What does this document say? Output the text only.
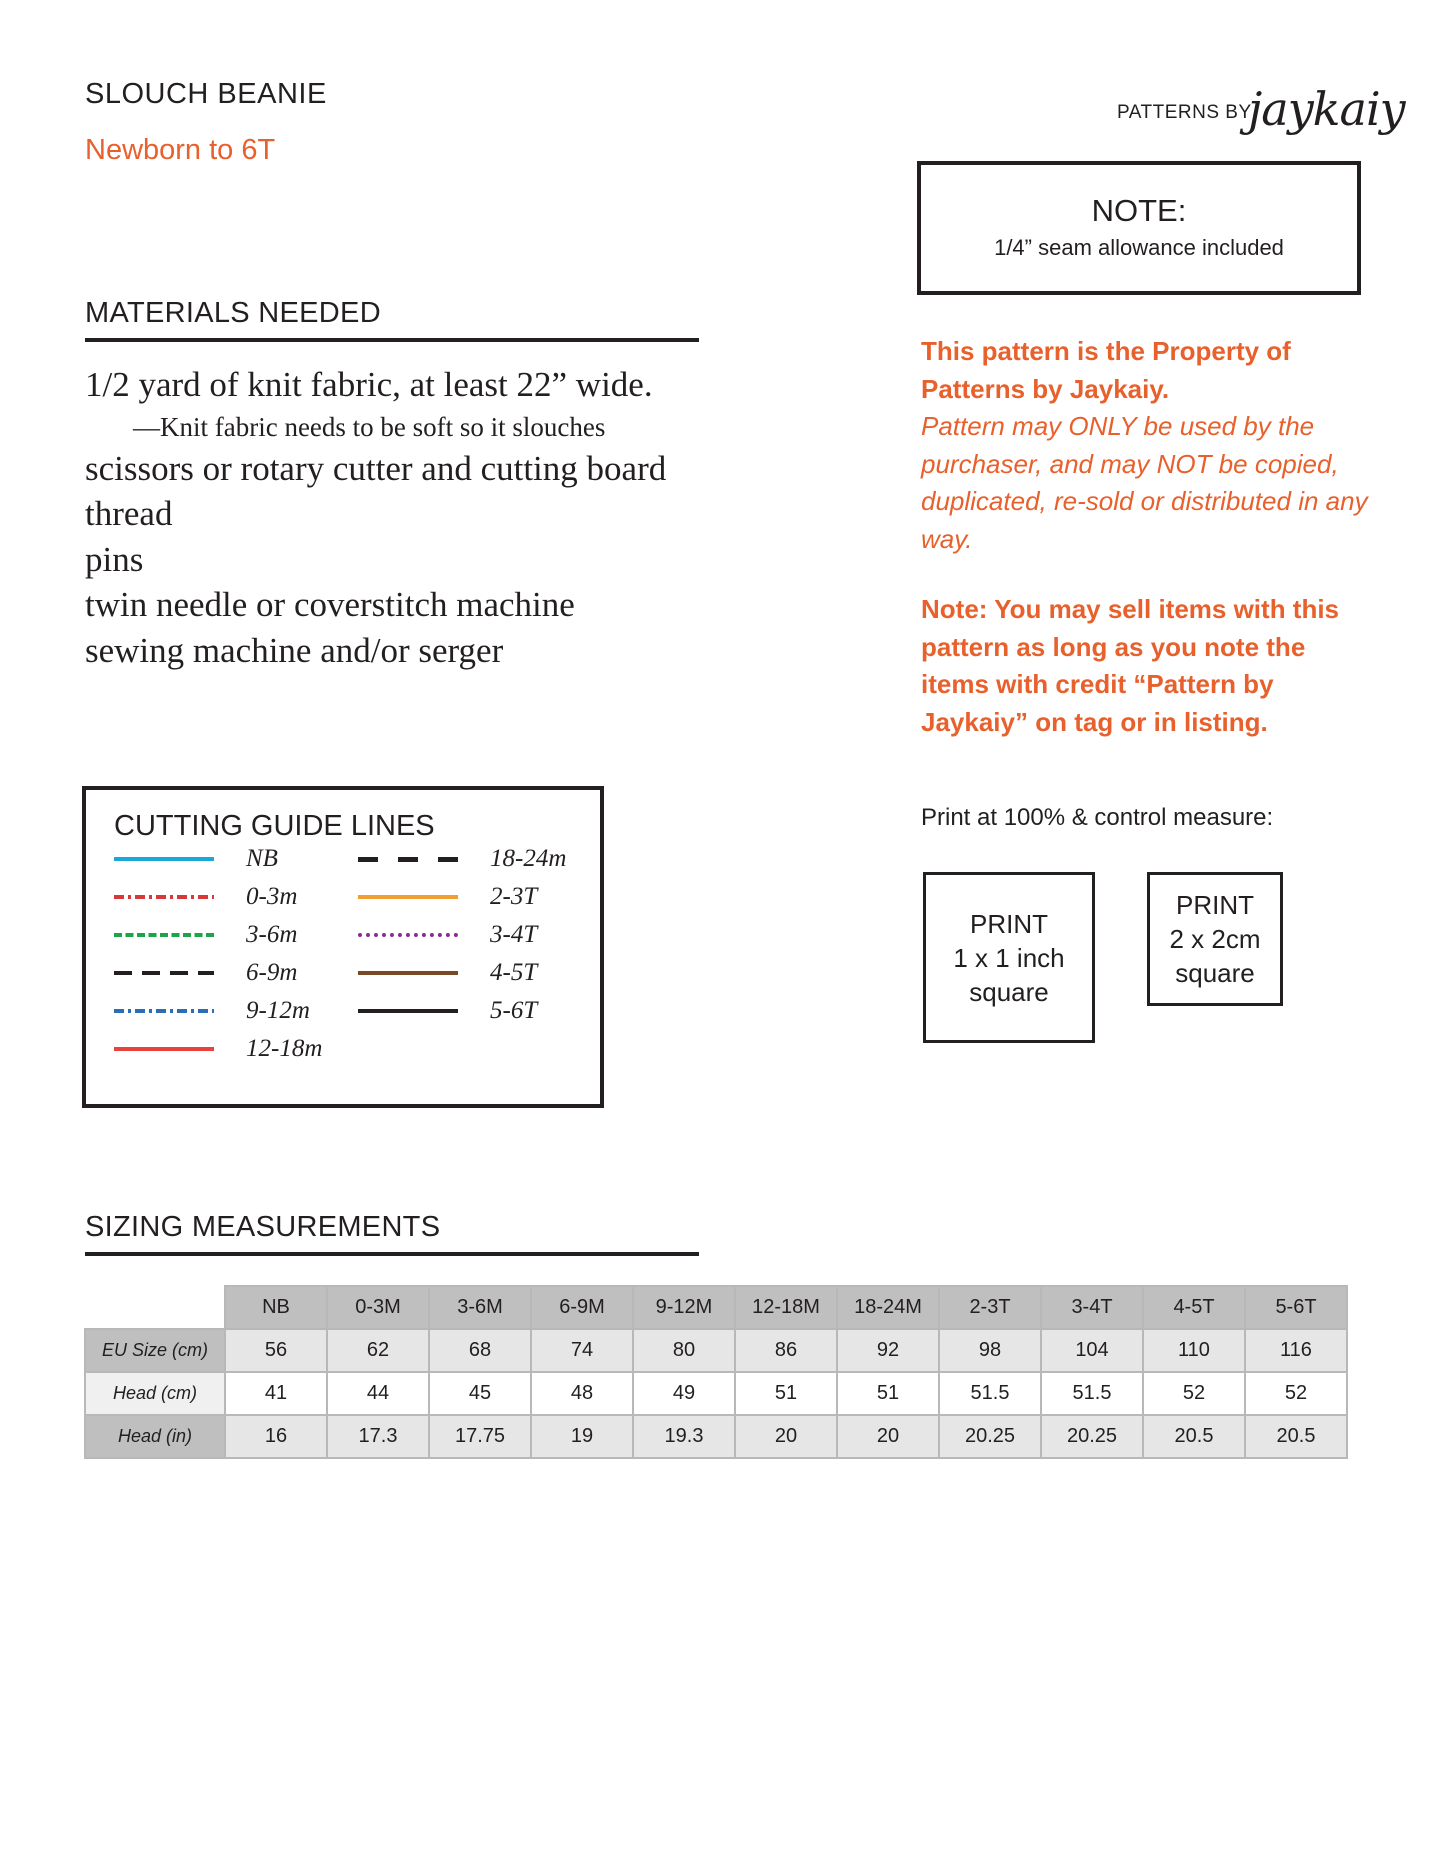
SLOUCH BEANIE
Newborn to 6T
PATTERNS BY
jaykaiy
NOTE:
1/4” seam allowance included
MATERIALS NEEDED
1/2 yard of knit fabric, at least 22” wide.
—Knit fabric needs to be soft so it slouches
scissors or rotary cutter and cutting board
thread
pins
twin needle or coverstitch machine
sewing machine and/or serger
This pattern is the Property of Patterns by Jaykaiy.
Pattern may ONLY be used by the purchaser, and may NOT be copied, duplicated, re-sold or distributed in any way.
Note: You may sell items with this pattern as long as you note the items with credit “Pattern by Jaykaiy” on tag or in listing.
Print at 100% & control measure:
PRINT
1 x 1 inch
square
PRINT
2 x 2cm
square
CUTTING GUIDE LINES
NB
0-3m
3-6m
6-9m
9-12m
12-18m
18-24m
2-3T
3-4T
4-5T
5-6T
SIZING MEASUREMENTS
	NB	0-3M	3-6M	6-9M	9-12M	12-18M	18-24M	2-3T	3-4T	4-5T	5-6T
EU Size (cm)	56	62	68	74	80	86	92	98	104	110	116
Head (cm)	41	44	45	48	49	51	51	51.5	51.5	52	52
Head (in)	16	17.3	17.75	19	19.3	20	20	20.25	20.25	20.5	20.5
